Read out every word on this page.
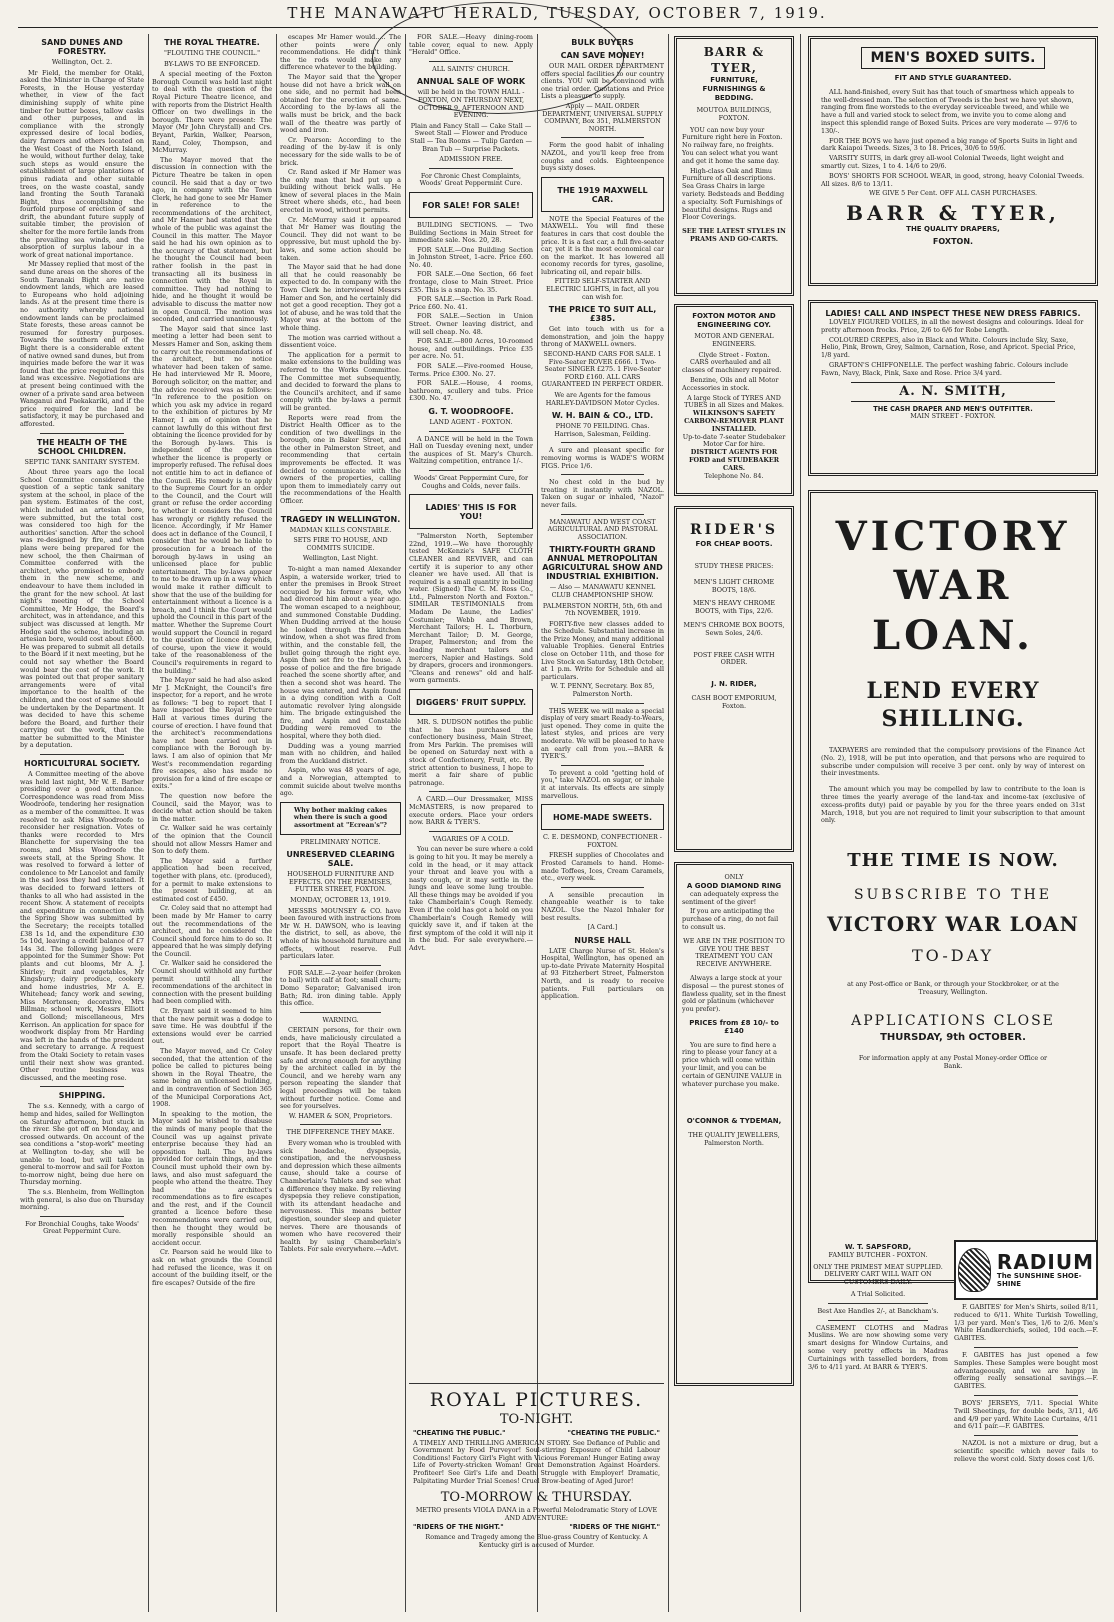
THE MANAWATU HERALD, TUESDAY, OCTOBER 7, 1919.
SAND DUNES AND FORESTRY.
Wellington, Oct. 2.

Mr Field, the member for Otaki, asked the Minister in Charge of State Forests, in the House yesterday whether, in view of the fact diminishing supply of white pine timber for butter boxes, tallow casks and other purposes, and in compliance with the strongly expressed desire of local bodies, dairy farmers and others located on the West Coast of the North Island, he would, without further delay, take such steps as would ensure the establishment of large plantations of pinus radiata and other suitable trees, on the waste coastal, sandy land fronting the South Taranaki Bight, thus accomplishing the fourfold purpose of erection of sand drift, the abundant future supply of suitable timber, the provision of shelter for the more fertile lands from the prevailing sea winds, and the absorption of surplus labour in a work of great national importance.

Mr Massey replied that most of the sand dune areas on the shores of the South Taranaki Bight are native endowment lands, which are leased to Europeans who hold adjoining lands. As at the present time there is no authority whereby national endowment lands can be proclaimed State forests, these areas cannot be resumed for forestry purposes. Towards the southern end of the Bight there is a considerable extent of native owned sand dunes, but from inquiries made before the war it was found that the price required for this land was excessive. Negotiations are at present being continued with the owner of a private sand area between Wanganui and Paekakariki, and if the price required for the land be satisfactory, it may be purchased and afforested.

THE HEALTH OF THE SCHOOL CHILDREN.
SEPTIC TANK SANITARY SYSTEM.

About three years ago the local School Committee considered the question of a septic tank sanitary system at the school, in place of the pan system. Estimates of the cost, which included an artesian bore, were submitted, but the total cost was considered too high for the authorities' sanction. After the school was re-designed by fire, and when plans were being prepared for the new school, the then Chairman of Committee conferred with the architect, who promised to embody them in the new scheme, and endeavour to have them included in the grant for the new school. At last night's meeting of the School Committee, Mr Hodge, the Board's architect, was in attendance, and this subject was discussed at length. Mr Hodge said the scheme, including an artesian bore, would cost about £600. He was prepared to submit all details to the Board if it next meeting, but he could not say whether the Board would bear the cost of the work. It was pointed out that proper sanitary arrangements were of vital importance to the health of the children, and the cost of same should be undertaken by the Department. It was decided to have this scheme before the Board, and further their carrying out the work, that the matter be submitted to the Minister by a deputation.

HORTICULTURAL SOCIETY.

A Committee meeting of the above was held last night, Mr W. E. Barber presiding over a good attendance. Correspondence was read from Miss Woodroofe, tendering her resignation as a member of the committee. It was resolved to ask Miss Woodroofe to reconsider her resignation. Votes of thanks were recorded to Mrs Blanchette for supervising the tea rooms, and Miss Woodroofe the sweets stall, at the Spring Show. It was resolved to forward a letter of condolence to Mr Lancelot and family in the sad loss they had sustained. It was decided to forward letters of thanks to all who had assisted in the recent Show. A statement of receipts and expenditure in connection with the Spring Show was submitted by the Secretary; the receipts totalled £38 1s 1d, and the expenditure £30 5s 10d, leaving a credit balance of £7 14s 3d. The following judges were appointed for the Summer Show: Pot plants and cut blooms, Mr A. J. Shirley; fruit and vegetables, Mr Kingsbury; dairy produce, cookery and home industries, Mr A. E. Whitehead; fancy work and sewing, Miss Mortensen; decorative, Mrs Billman; school work, Messrs Elliott and Gollond; miscellaneous, Mrs Kerrison. An application for space for woodwork display from Mr Harding was left in the hands of the president and secretary to arrange. A request from the Otaki Society to retain vases until their next show was granted. Other routine business was discussed, and the meeting rose.

SHIPPING.

The s.s. Kennedy, with a cargo of hemp and hides, sailed for Wellington on Saturday afternoon, but stuck in the river. She got off on Monday, and crossed outwards. On account of the sea conditions a "stop-work" meeting at Wellington to-day, she will be unable to load, but will take in general to-morrow and sail for Foxton to-morrow night, being due here on Thursday morning.

The s.s. Blenheim, from Wellington with general, is also due on Thursday morning.

For Bronchial Coughs, take Woods' Great Peppermint Cure.
THE ROYAL THEATRE.
"FLOUTING THE COUNCIL."
BY-LAWS TO BE ENFORCED.

A special meeting of the Foxton Borough Council was held last night to deal with the question of the Royal Picture Theatre licence, and with reports from the District Health Officer on two dwellings in the borough. There were present: The Mayor (Mr John Chrystall) and Crs. Bryant, Parkin, Walker, Pearson, Rand, Coley, Thompson, and McMurray.

The Mayor moved that the discussion in connection with the Picture Theatre be taken in open council. He said that a day or two ago, in company with the Town Clerk, he had gone to see Mr Hamer in reference to the recommendations of the architect, and Mr Hamer had stated that the whole of the public was against the Council in this matter. The Mayor said he had his own opinion as to the accuracy of that statement, but he thought the Council had been rather foolish in the past in transacting all its business in connection with the Royal in committee. They had nothing to hide, and he thought it would be advisable to discuss the matter now in open Council. The motion was seconded, and carried unanimously.

The Mayor said that since last meeting a letter had been sent to Messrs Hamer and Son, asking them to carry out the recommendations of the architect, but no notice whatever had been taken of same. He had interviewed Mr R. Moore, Borough solicitor, on the matter, and the advice received was as follows: "In reference to the position on which you ask my advice in regard to the exhibition of pictures by Mr Hamer, I am of opinion that he cannot lawfully do this without first obtaining the licence provided for by the Borough by-laws. This is independent of the question whether the licence is properly or improperly refused. The refusal does not entitle him to act in defiance of the Council. His remedy is to apply to the Supreme Court for an order to the Council, and the Court will grant or refuse the order according to whether it considers the Council has wrongly or rightly refused the licence. Accordingly, if Mr Hamer does act in defiance of the Council, I consider that he would be liable to prosecution for a breach of the borough by-laws in using an unlicensed place for public entertainment. The by-laws appear to me to be drawn up in a way which would make it rather difficult to show that the use of the building for entertainment without a licence is a breach, and I think the Court would uphold the Council in this part of the matter. Whether the Supreme Court would support the Council in regard to the question of licence depends, of course, upon the view it would take of the reasonableness of the Council's requirements in regard to the building."

The Mayor said he had also asked Mr J. McKnight, the Council's fire inspector, for a report, and he wrote as follows: "I beg to report that I have inspected the Royal Picture Hall at various times during the course of erection. I have found that the architect's recommendations have not been carried out in compliance with the Borough by-laws. I am also of opinion that Mr West's recommendation regarding fire escapes, also has made no provision for a kind of fire escape or exits."

The question now before the Council, said the Mayor, was to decide what action should be taken in the matter.

Cr. Walker said he was certainly of the opinion that the Council should not allow Messrs Hamer and Son to defy them.

The Mayor said a further application had been received, together with plans, etc. (produced), for a permit to make extensions to the present building, at an estimated cost of £450.

Cr. Coley said that no attempt had been made by Mr Hamer to carry out the recommendations of the architect, and he considered the Council should force him to do so. It appeared that he was simply defying the Council.

Cr. Walker said he considered the Council should withhold any further permit until all the recommendations of the architect in connection with the present building had been complied with.

Cr. Bryant said it seemed to him that the new permit was a dodge to save time. He was doubtful if the extensions would ever be carried out.

The Mayor moved, and Cr. Coley seconded, that the attention of the police be called to pictures being shown in the Royal Theatre, the same being an unlicensed building, and in contravention of Section 365 of the Municipal Corporations Act, 1908.

In speaking to the motion, the Mayor said he wished to disabuse the minds of many people that the Council was up against private enterprise because they had an opposition hall. The by-laws provided for certain things, and the Council must uphold their own by-laws, and also must safeguard the people who attend the theatre. They had the architect's recommendations as to fire escapes and the rest, and if the Council granted a licence before these recommendations were carried out, then he thought they would be morally responsible should an accident occur.

Cr. Pearson said he would like to ask on what grounds the Council had refused the licence, was it on account of the building itself, or the fire escapes? Outside of the fire

escapes Mr Hamer would..... The other points were only recommendations. He didn't think the tie rods would make any difference whatever to the building.

The Mayor said that the proper house did not have a brick wall on one side, and no permit had been obtained for the erection of same. According to the by-laws all the walls must be brick, and the back wall of the theatre was partly of wood and iron.

Cr. Pearson: According to the reading of the by-law it is only necessary for the side walls to be of brick.

Cr. Rand asked if Mr Hamer was the only man that had put up a building without brick walls. He knew of several places in the Main Street where sheds, etc., had been erected in wood, without permits.

Cr. McMurray said it appeared that Mr Hamer was flouting the Council. They did not want to be oppressive, but must uphold the by-laws, and some action should be taken.

The Mayor said that he had done all that he could reasonably be expected to do. In company with the Town Clerk he interviewed Messrs Hamer and Son, and he certainly did not get a good reception. They got a lot of abuse, and he was told that the Mayor was at the bottom of the whole thing.

The motion was carried without a dissentient voice.

The application for a permit to make extensions to the building was referred to the Works Committee. The Committee met subsequently, and decided to forward the plans to the Council's architect, and if same comply with the by-laws a permit will be granted.

Reports were read from the District Health Officer as to the condition of two dwellings in the borough, one in Baker Street, and the other in Palmerston Street, and recommending that certain improvements be effected. It was decided to communicate with the owners of the properties, calling upon them to immediately carry out the recommendations of the Health Officer.

TRAGEDY IN WELLINGTON.
MADMAN KILLS CONSTABLE.
SETS FIRE TO HOUSE, AND COMMITS SUICIDE.
Wellington, Last Night.

To-night a man named Alexander Aspin, a waterside worker, tried to enter the premises in Brook Street occupied by his former wife, who had divorced him about a year ago. The woman escaped to a neighbour, and summoned Constable Dudding. When Dudding arrived at the house he looked through the kitchen window, when a shot was fired from within, and the constable fell, the bullet going through the right eye. Aspin then set fire to the house. A posse of police and the fire brigade reached the scene shortly after, and then a second shot was heard. The house was entered, and Aspin found in a dying condition with a Colt automatic revolver lying alongside him. The brigade extinguished the fire, and Aspin and Constable Dudding were removed to the hospital, where they both died.

Dudding was a young married man with no children, and hailed from the Auckland district.

Aspin, who was 48 years of age, and a Norwegian, attempted to commit suicide about twelve months ago.

Why bother making cakes when there is such a good assortment at "Ecrean's"?
PRELIMINARY NOTICE.
UNRESERVED CLEARING SALE.
HOUSEHOLD FURNITURE AND EFFECTS. ON THE PREMISES, FUTTER STREET, FOXTON.
MONDAY, OCTOBER 13, 1919.

MESSRS MOUNSEY & CO. have been favoured with instructions from Mr W. H. DAWSON, who is leaving the district, to sell, as above, the whole of his household furniture and effects, without reserve. Full particulars later.

FOR SALE.—2-year heifer (broken to bail) with calf at foot; small churn; Domo Separator; Galvanised iron Bath; Rd. iron dining table. Apply this office.

WARNING.

CERTAIN persons, for their own ends, have maliciously circulated a report that the Royal Theatre is unsafe. It has been declared pretty safe and strong enough for anything by the architect called in by the Council, and we hereby warn any person repeating the slander that legal proceedings will be taken without further notice. Come and see for yourselves.

W. HAMER & SON, Proprietors.
THE DIFFERENCE THEY MAKE.

Every woman who is troubled with sick headache, dyspepsia, constipation, and the nervousness and depression which these ailments cause, should take a course of Chamberlain's Tablets and see what a difference they make. By relieving dyspepsia they relieve constipation, with its attendant headache and nervousness. This means better digestion, sounder sleep and quieter nerves. There are thousands of women who have recovered their health by using Chamberlain's Tablets. For sale everywhere.—Advt.

FOR SALE.—Heavy dining-room table cover, equal to new. Apply "Herald" Office.

ALL SAINTS' CHURCH.
ANNUAL SALE OF WORK
will be held in the TOWN HALL - FOXTON, ON THURSDAY NEXT, OCTOBER 9, AFTERNOON AND EVENING.
Plain and Fancy Stall — Cake Stall — Sweet Stall — Flower and Produce Stall — Tea Rooms — Tulip Garden — Bran Tub — Surprise Packets.
ADMISSION FREE.
For Chronic Chest Complaints, Woods' Great Peppermint Cure.
FOR SALE! FOR SALE!

BUILDING SECTIONS. — Two Building Sections in Main Street for immediate sale. Nos. 20, 28.

FOR SALE.—One Building Section in Johnston Street, 1-acre. Price £60. No. 40.

FOR SALE.—One Section, 66 feet frontage, close to Main Street. Price £35. This is a snap. No. 35.

FOR SALE.—Section in Park Road. Price £60. No. 41.

FOR SALE.—Section in Union Street. Owner leaving district, and will sell cheap. No. 48.

FOR SALE.—800 Acres, 10-roomed house, and outbuildings. Price £35 per acre. No. 51.

FOR SALE.—Five-roomed House, Terms. Price £300. No. 27.

FOR SALE.—House, 4 rooms, bathroom, scullery and tubs. Price £300. No. 47.

G. T. WOODROOFE.
LAND AGENT - FOXTON.

A DANCE will be held in the Town Hall on Tuesday evening next, under the auspices of St. Mary's Church. Waltzing competition, entrance 1/-.

Woods' Great Peppermint Cure, for Coughs and Colds, never fails.
LADIES' THIS IS FOR YOU!

"Palmerston North, September 22nd, 1919.—We have thoroughly tested McKenzie's SAFE CLOTH CLEANER and REVIVER, and can certify it is superior to any other cleaner we have used. All that is required is a small quantity in boiling water. (Signed) The C. M. Ross Co., Ltd., Palmerston North and Foxton." SIMILAR TESTIMONIALS from Madam De Laune, the Ladies' Costumier; Webb and Brown, Merchant Tailors; H. L. Thorburn, Merchant Tailor; D. M. George, Draper, Palmerston; and from the leading merchant tailors and mercers, Napier and Hastings. Sold by drapers, grocers and ironmongers. "Cleans and renews" old and half-worn garments.

DIGGERS' FRUIT SUPPLY.

MR. S. DUDSON notifies the public that he has purchased the confectionery business, Main Street, from Mrs Parkin. The premises will be opened on Saturday next with a stock of Confectionery, Fruit, etc. By strict attention to business, I hope to merit a fair share of public patronage.

A CARD.—Our Dressmaker, MISS McMASTERS, is now prepared to execute orders. Place your orders now. BARR & TYER'S.

VAGARIES OF A COLD.

You can never be sure where a cold is going to hit you. It may be merely a cold in the head, or it may attack your throat and leave you with a nasty cough, or it may settle in the lungs and leave some lung trouble. All these things may be avoided if you take Chamberlain's Cough Remedy. Even if the cold has got a hold on you Chamberlain's Cough Remedy will quickly save it, and if taken at the first symptom of the cold it will nip it in the bud. For sale everywhere.—Advt.

BULK BUYERS
CAN SAVE MONEY!

OUR MAIL ORDER DEPARTMENT offers special facilities to our country clients. YOU will be convinced with one trial order. Quotations and Price Lists a pleasure to supply.

Apply — MAIL ORDER DEPARTMENT, UNIVERSAL SUPPLY COMPANY, Box 351, PALMERSTON NORTH.

Form the good habit of inhaling NAZOL, and you'll keep free from coughs and colds. Eighteenpence buys sixty doses.

THE 1919 MAXWELL CAR.

NOTE the Special Features of the MAXWELL. You will find these features in cars that cost double the price. It is a fast car, a full five-seater car, yet it is the most economical car on the market. It has lowered all economy records for tyres, gasoline, lubricating oil, and repair bills.

FITTED SELF-STARTER AND ELECTRIC LIGHTS, in fact, all you can wish for.
THE PRICE TO SUIT ALL, £385.

Get into touch with us for a demonstration, and join the happy throng of MAXWELL owners.

SECOND-HAND CARS FOR SALE. 1 Five-Seater ROVER £666. 1 Two-Seater SINGER £275. 1 Five-Seater FORD £160. ALL CARS GUARANTEED IN PERFECT ORDER.
We are Agents for the famous HARLEY-DAVIDSON Motor Cycles.
W. H. BAIN & CO., LTD.
PHONE 70 FEILDING. Chas. Harrison, Salesman, Feilding.

A sure and pleasant specific for removing worms is WADE'S WORM FIGS. Price 1/6.

No chest cold in the bud by treating it instantly with NAZOL. Taken on sugar or inhaled, "Nazol" never fails.

MANAWATU AND WEST COAST AGRICULTURAL AND PASTORAL ASSOCIATION.
THIRTY-FOURTH GRAND ANNUAL METROPOLITAN AGRICULTURAL SHOW AND INDUSTRIAL EXHIBITION.
— Also — MANAWATU KENNEL CLUB CHAMPIONSHIP SHOW.
PALMERSTON NORTH, 5th, 6th and 7th NOVEMBER, 1919.

FORTY-five new classes added to the Schedule. Substantial increase in the Prize Money, and many additional valuable Trophies. General Entries close on October 11th, and those for Live Stock on Saturday, 18th October, at 1 p.m. Write for Schedule and all particulars.

W. T. PENNY, Secretary. Box 85, Palmerston North.

THIS WEEK we will make a special display of very smart Ready-to-Wears, just opened. They come in quite the latest styles, and prices are very moderate. We will be pleased to have an early call from you.—BARR & TYER'S.

To prevent a cold "getting hold of you," take NAZOL on sugar, or inhale it at intervals. Its effects are simply marvellous.

HOME-MADE SWEETS.
C. E. DESMOND, CONFECTIONER - FOXTON.

FRESH supplies of Chocolates and Frosted Caramels to hand. Home-made Toffees, Ices, Cream Caramels, etc., every week.

A sensible precaution in changeable weather is to take NAZOL. Use the Nazol Inhaler for best results.

[A Card.]
NURSE HALL

LATE Charge Nurse of St. Helen's Hospital, Wellington, has opened an up-to-date Private Maternity Hospital at 93 Fitzherbert Street, Palmerston North, and is ready to receive patients. Full particulars on application.

ROYAL PICTURES.
TO-NIGHT.
"CHEATING THE PUBLIC."	"CHEATING THE PUBLIC."
A TIMELY AND THRILLING AMERICAN STORY. See Defiance of Public and Government by Food Purveyor! Soul-stirring Exposure of Child Labour Conditions! Factory Girl's Fight with Vicious Foreman! Hunger Eating away Life of Poverty-stricken Woman! Great Demonstration Against Hoarders. Profiteer! See Girl's Life and Death Struggle with Employer! Dramatic, Palpitating Murder Trial Scenes! Cruel Brow-beating of Aged Juror!
TO-MORROW & THURSDAY.
METRO presents VIOLA DANA in a Powerful Melodramatic Story of LOVE AND ADVENTURE:
"RIDERS OF THE NIGHT."	"RIDERS OF THE NIGHT."
Romance and Tragedy among the Blue-grass Country of Kentucky. A Kentucky girl is accused of Murder.
BARR & TYER,
FURNITURE, FURNISHINGS & BEDDING.
MOUTOA BUILDINGS, FOXTON.

YOU can now buy your Furniture right here in Foxton. No railway fare, no freights. You can select what you want and get it home the same day.

High-class Oak and Rimu Furniture of all descriptions. Sea Grass Chairs in large variety. Bedsteads and Bedding a specialty. Soft Furnishings of beautiful designs. Rugs and Floor Coverings.

SEE THE LATEST STYLES IN PRAMS AND GO-CARTS.
FOXTON MOTOR AND ENGINEERING COY.
MOTOR AND GENERAL ENGINEERS.
Clyde Street - Foxton.

CARS overhauled and all classes of machinery repaired.

Benzine, Oils and all Motor Accessories in stock.

A large Stock of TYRES AND TUBES in all Sizes and Makes.
WILKINSON'S SAFETY CARBON-REMOVER PLANT INSTALLED.
Up-to-date 7-seater Studebaker Motor Car for hire.
DISTRICT AGENTS FOR FORD and STUDEBAKER CARS.
Telephone No. 84.
RIDER'S
FOR CHEAP BOOTS.
STUDY THESE PRICES:
MEN'S LIGHT CHROME BOOTS, 18/6.
MEN'S HEAVY CHROME BOOTS, with Tips, 22/6.
MEN'S CHROME BOX BOOTS, Sewn Soles, 24/6.
POST FREE CASH WITH ORDER.
J. N. RIDER,
CASH BOOT EMPORIUM, Foxton.
ONLY
A GOOD DIAMOND RING

can adequately express the sentiment of the giver!

If you are anticipating the purchase of a ring, do not fail to consult us.

WE ARE IN THE POSITION TO GIVE YOU THE BEST TREATMENT YOU CAN RECEIVE ANYWHERE.

Always a large stock at your disposal — the purest stones of flawless quality, set in the finest gold or platinum (whichever you prefer).

PRICES from £8 10/- to £140

You are sure to find here a ring to please your fancy at a price which will come within your limit, and you can be certain of GENUINE VALUE in whatever purchase you make.

O'CONNOR & TYDEMAN,
THE QUALITY JEWELLERS, Palmerston North.
MEN'S BOXED SUITS.
FIT AND STYLE GUARANTEED.

ALL hand-finished, every Suit has that touch of smartness which appeals to the well-dressed man. The selection of Tweeds is the best we have yet shown, ranging from fine worsteds to the everyday serviceable tweed, and while we have a full and varied stock to select from, we invite you to come along and inspect this splendid range of Boxed Suits. Prices are very moderate — 97/6 to 130/-.

FOR THE BOYS we have just opened a big range of Sports Suits in light and dark Kaiapoi Tweeds. Sizes, 3 to 18. Prices, 30/6 to 59/6.

VARSITY SUITS, in dark grey all-wool Colonial Tweeds, light weight and smartly cut. Sizes, 1 to 4. 14/6 to 29/6.

BOYS' SHORTS FOR SCHOOL WEAR, in good, strong, heavy Colonial Tweeds. All sizes. 8/6 to 13/11.

WE GIVE 5 Per Cent. OFF ALL CASH PURCHASES.
BARR & TYER,
THE QUALITY DRAPERS,
FOXTON.
LADIES! CALL AND INSPECT THESE NEW DRESS FABRICS.

LOVELY FIGURED VOILES, in all the newest designs and colourings. Ideal for pretty afternoon frocks. Price, 2/6 to 6/6 for Robe Length.

COLOURED CREPES, also in Black and White. Colours include Sky, Saxe, Helio, Pink, Brown, Grey, Salmon, Carnation, Rose, and Apricot. Special Price, 1/8 yard.

GRAFTON'S CHIFFONELLE. The perfect washing fabric. Colours include Fawn, Navy, Black, Pink, Saxe and Rose. Price 3/4 yard.

A. N. SMITH,
THE CASH DRAPER AND MEN'S OUTFITTER.
MAIN STREET - FOXTON.
VICTORY
WAR LOAN.
LEND EVERY SHILLING.

TAXPAYERS are reminded that the compulsory provisions of the Finance Act (No. 2), 1918, will be put into operation, and that persons who are required to subscribe under compulsion will receive 3 per cent. only by way of interest on their investments.

The amount which you may be compelled by law to contribute to the loan is three times the yearly average of the land-tax and income-tax (exclusive of excess-profits duty) paid or payable by you for the three years ended on 31st March, 1918, but you are not required to limit your subscription to that amount only.

THE TIME IS NOW.
SUBSCRIBE TO THE
VICTORY WAR LOAN
TO-DAY
at any Post-office or Bank, or through your Stockbroker, or at the Treasury, Wellington.
APPLICATIONS CLOSE
THURSDAY, 9th OCTOBER.
For information apply at any Postal Money-order Office or Bank.
W. T. SAPSFORD,
FAMILY BUTCHER - FOXTON.
ONLY THE PRIMEST MEAT SUPPLIED. DELIVERY CART WILL WAIT ON CUSTOMERS DAILY.
A Trial Solicited.
Best Axe Handles 2/-, at Banckham's.

CASEMENT CLOTHS and Madras Muslins. We are now showing some very smart designs for Window Curtains, and some very pretty effects in Madras Curtainings with tasselled borders, from 3/6 to 4/11 yard. At BARR & TYER'S.

RADIUM
The SUNSHINE SHOE-SHINE

F. GABITES' for Men's Shirts, soiled 8/11, reduced to 6/11. White Turkish Towelling, 1/3 per yard. Men's Ties, 1/6 to 2/6. Men's White Handkerchiefs, soiled, 10d each.—F. GABITES.

F. GABITES has just opened a few Samples. These Samples were bought most advantageously, and we are happy in offering really sensational savings.—F. GABITES.

BOYS' JERSEYS, 7/11. Special White Twill Sheetings, for double beds, 3/11, 4/6 and 4/9 per yard. White Lace Curtains, 4/11 and 6/11 pair.—F. GABITES.

NAZOL is not a mixture or drug, but a scientific specific which never fails to relieve the worst cold. Sixty doses cost 1/6.
